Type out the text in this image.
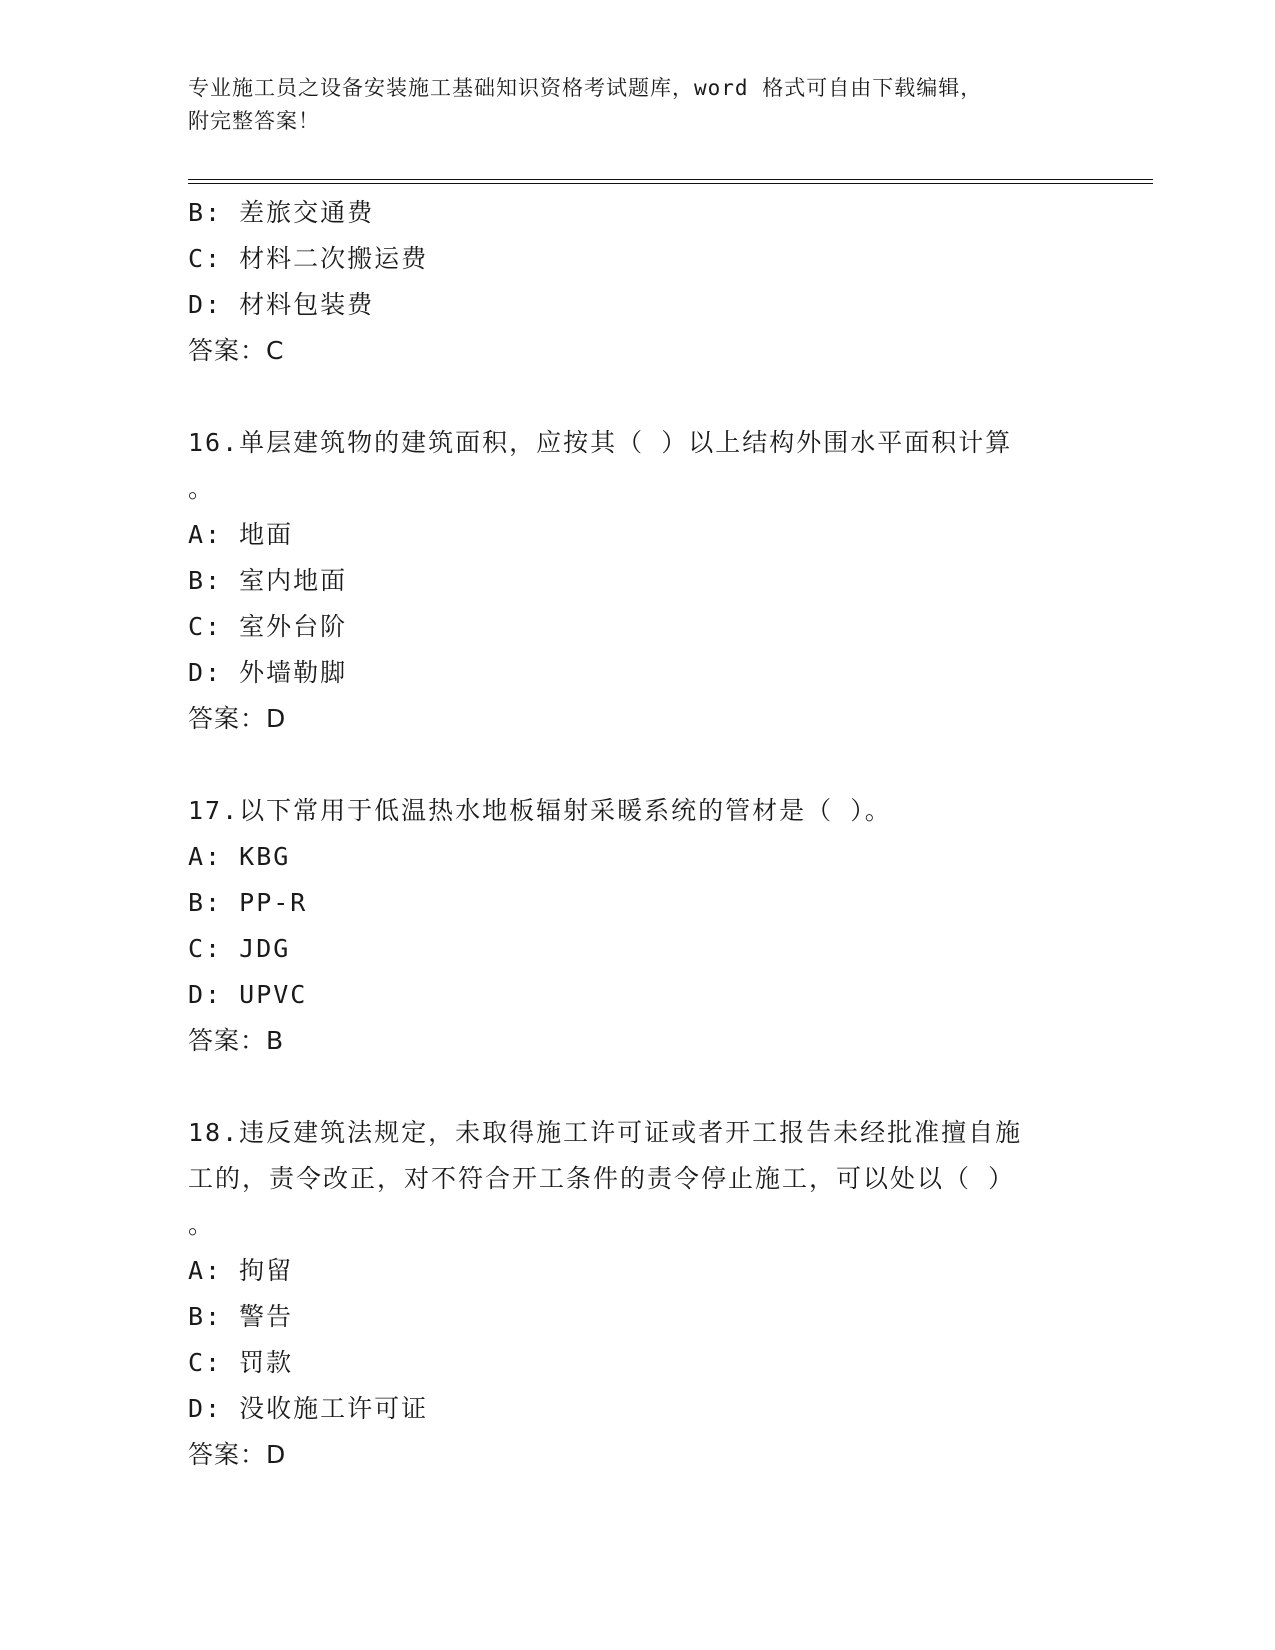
专业施工员之设备安装施工基础知识资格考试题库，word 格式可自由下载编辑，
附完整答案！
B: 差旅交通费
C: 材料二次搬运费
D: 材料包装费
答案：C
16.单层建筑物的建筑面积，应按其（ ）以上结构外围水平面积计算
。
A: 地面
B: 室内地面
C: 室外台阶
D: 外墙勒脚
答案：D
17.以下常用于低温热水地板辐射采暖系统的管材是（ ）。
A: KBG
B: PP-R
C: JDG
D: UPVC
答案：B
18.违反建筑法规定，未取得施工许可证或者开工报告未经批准擅自施
工的，责令改正，对不符合开工条件的责令停止施工，可以处以（ ）
。
A: 拘留
B: 警告
C: 罚款
D: 没收施工许可证
答案：D
